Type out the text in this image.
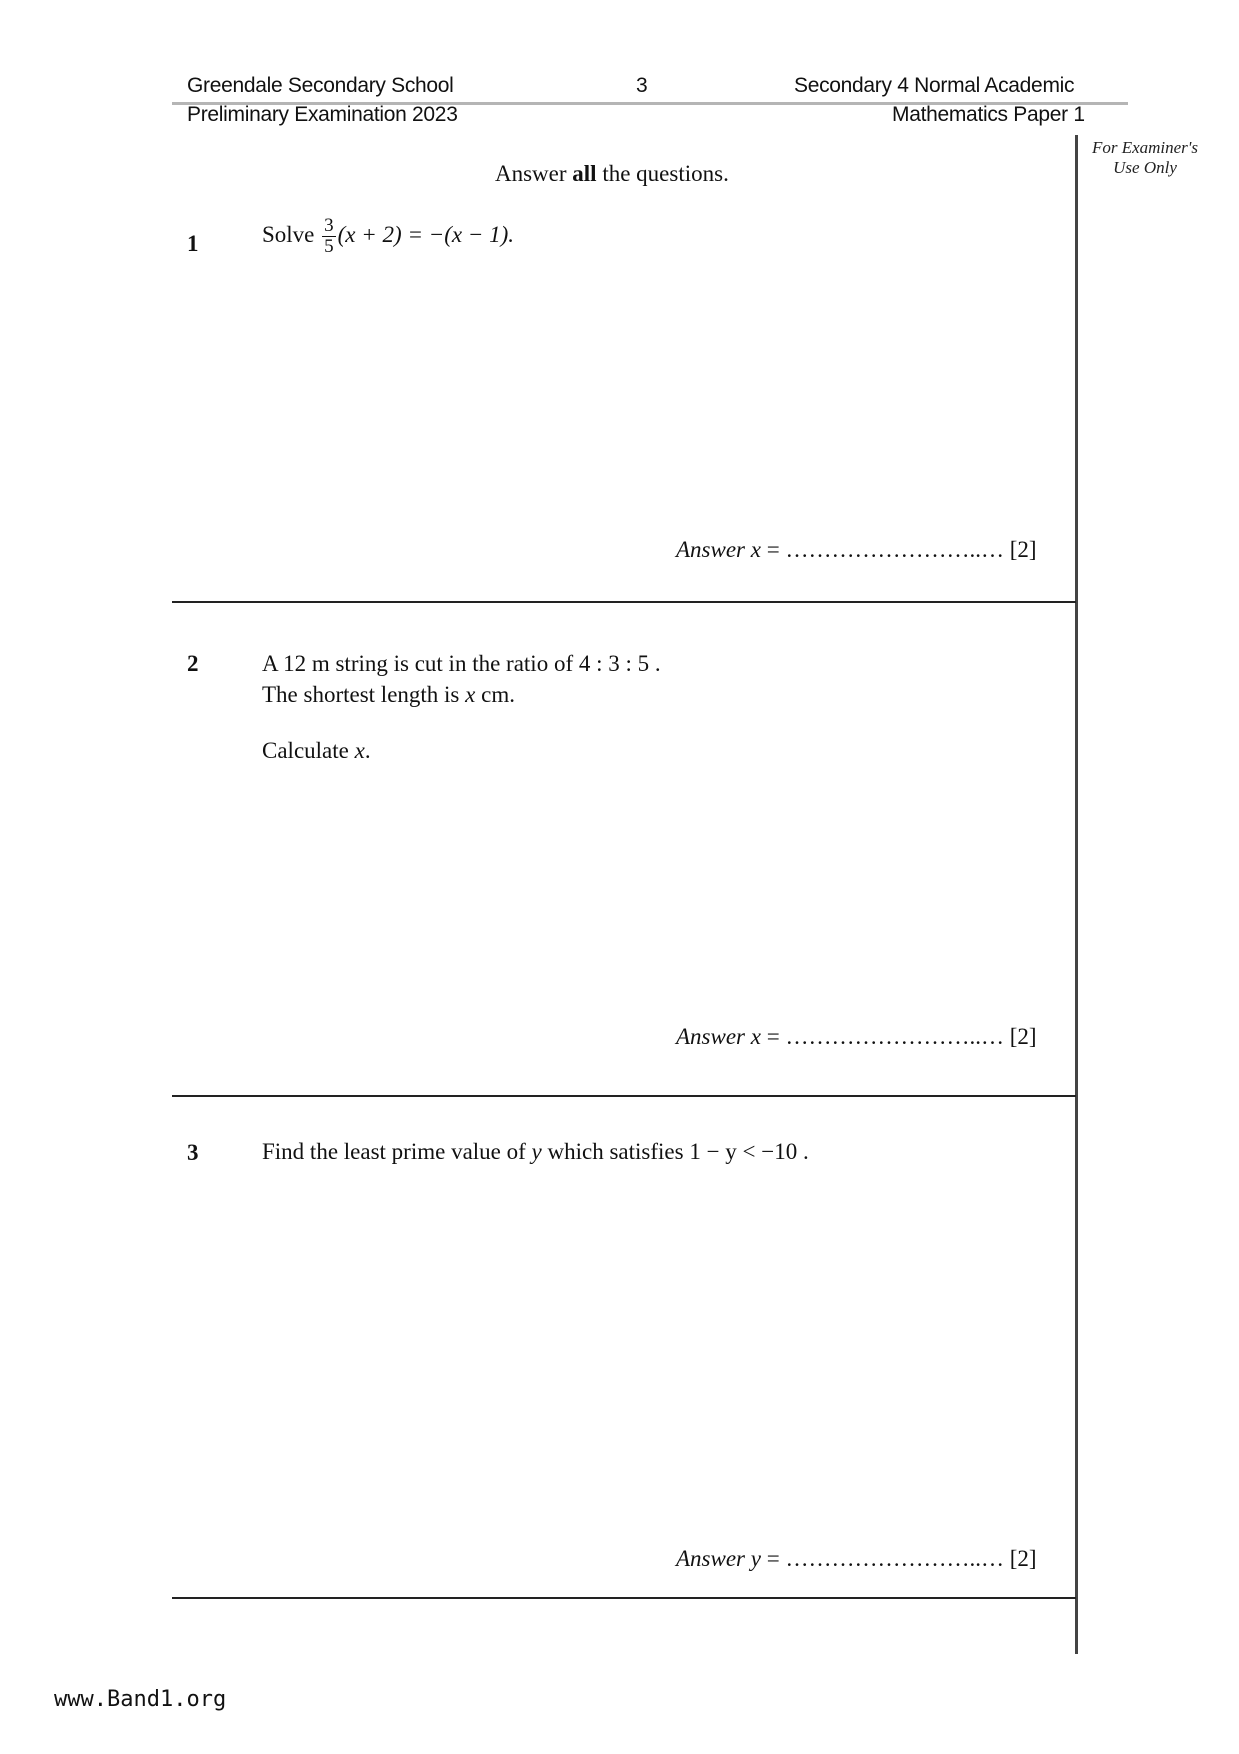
Greendale Secondary School	3	Secondary 4 Normal Academic
Preliminary Examination 2023	Mathematics Paper 1
For Examiner's
Use Only
Answer all the questions.
1	Solve $\frac{3}{5} (x + 2) = -(x - 1)$.
Answer x = ……………………..… [2]
2	A 12 m string is cut in the ratio of 4 : 3 : 5 .
The shortest length is x cm.
Calculate x.
Answer x = ……………………..… [2]
3	Find the least prime value of y which satisfies 1 − y < −10 .
Answer y = ……………………..… [2]
www.Band1.org
